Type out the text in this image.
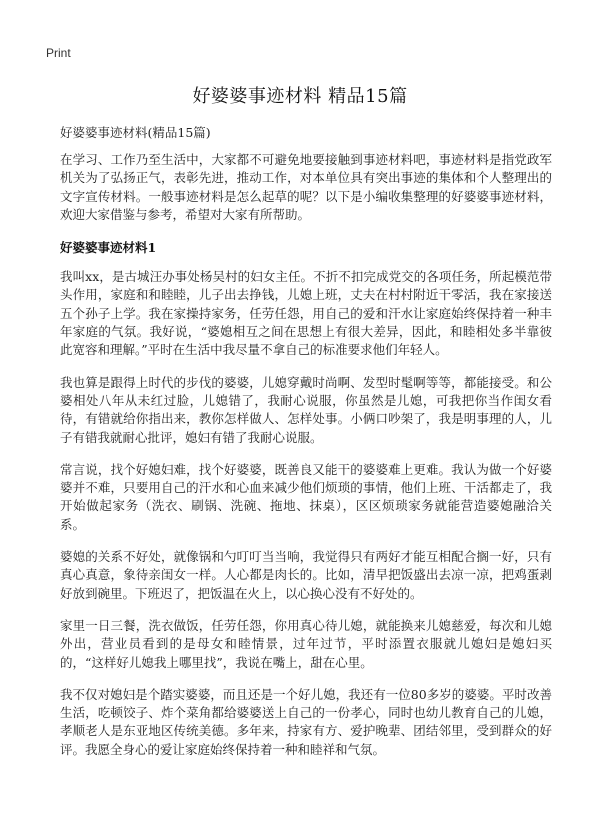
Print
好婆婆事迹材料 精品15篇
好婆婆事迹材料(精品15篇)

在学习、工作乃至生活中，大家都不可避免地要接触到事迹材料吧，事迹材料是指党政军机关为了弘扬正气，表彰先进，推动工作，对本单位具有突出事迹的集体和个人整理出的文字宣传材料。一般事迹材料是怎么起草的呢？以下是小编收集整理的好婆婆事迹材料，欢迎大家借鉴与参考，希望对大家有所帮助。

好婆婆事迹材料1

我叫xx，是古城汪办事处杨吴村的妇女主任。不折不扣完成党交的各项任务，所起模范带头作用，家庭和和睦睦，儿子出去挣钱，儿媳上班，丈夫在村村附近干零活，我在家接送五个孙子上学。我在家操持家务，任劳任怨，用自己的爱和汗水让家庭始终保持着一种丰年家庭的气氛。我好说，“婆媳相互之间在思想上有很大差异，因此，和睦相处多半靠彼此宽容和理解。”平时在生活中我尽量不拿自己的标准要求他们年轻人。

我也算是跟得上时代的步伐的婆婆，儿媳穿戴时尚啊、发型时髦啊等等，都能接受。和公婆相处八年从未红过脸，儿媳错了，我耐心说服，你虽然是儿媳，可我把你当作闺女看待，有错就给你指出来，教你怎样做人、怎样处事。小俩口吵架了，我是明事理的人，儿子有错我就耐心批评，媳妇有错了我耐心说服。

常言说，找个好媳妇难，找个好婆婆，既善良又能干的婆婆难上更难。我认为做一个好婆婆并不难，只要用自己的汗水和心血来减少他们烦琐的事情，他们上班、干活都走了，我开始做起家务（洗衣、刷锅、洗碗、拖地、抹桌），区区烦琐家务就能营造婆媳融洽关系。

婆媳的关系不好处，就像锅和勺叮叮当当响，我觉得只有两好才能互相配合搁一好，只有真心真意，象待亲闺女一样。人心都是肉长的。比如，清早把饭盛出去凉一凉，把鸡蛋剥好放到碗里。下班迟了，把饭温在火上，以心换心没有不好处的。

家里一日三餐，洗衣做饭，任劳任怨，你用真心待儿媳，就能换来儿媳慈爱，每次和儿媳外出，营业员看到的是母女和睦情景，过年过节，平时添置衣服就儿媳妇是媳妇买的，“这样好儿媳我上哪里找”，我说在嘴上，甜在心里。

我不仅对媳妇是个踏实婆婆，而且还是一个好儿媳，我还有一位80多岁的婆婆。平时改善生活，吃顿饺子、炸个菜角都给婆婆送上自己的一份孝心，同时也幼儿教育自己的儿媳，孝顺老人是东亚地区传统美德。多年来，持家有方、爱护晚辈、团结邻里，受到群众的好评。我愿全身心的爱让家庭始终保持着一种和睦祥和气氛。
